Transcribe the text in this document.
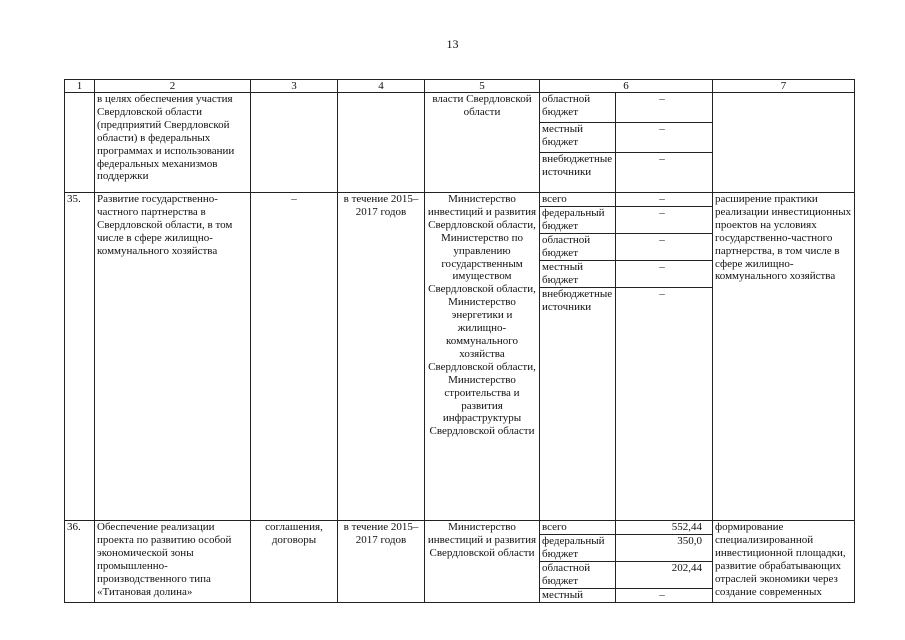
13
1	2	3	4	5	6		7
	в целях обеспечения участия Свердловской области (предприятий Свердловской области) в федеральных программах и использовании федеральных механизмов поддержки			власти Свердловской области	областной бюджет	–	
					местный бюджет	–	
					внебюджетные источники	–	
35.	Развитие государственно-частного партнерства в Свердловской области, в том числе в сфере жилищно-коммунального хозяйства	–	в течение 2015–2017 годов	Министерство инвестиций и развития Свердловской области, Министерство по управлению государственным имуществом Свердловской области, Министерство энергетики и жилищно-коммунального хозяйства Свердловской области, Министерство строительства и развития инфраструктуры Свердловской области	всего	–	расширение практики реализации инвестиционных проектов на условиях государственно-частного партнерства, в том числе в сфере жилищно-коммунального хозяйства
					федеральный бюджет	–	
					областной бюджет	–	
					местный бюджет	–	
					внебюджетные источники	–	
36.	Обеспечение реализации проекта по развитию особой экономической зоны промышленно-производственного типа «Титановая долина»	соглашения, договоры	в течение 2015–2017 годов	Министерство инвестиций и развития Свердловской области	всего	552,44	формирование специализированной инвестиционной площадки, развитие обрабатывающих отраслей экономики через создание современных
					федеральный бюджет	350,0	
					областной бюджет	202,44	
					местный	–	
